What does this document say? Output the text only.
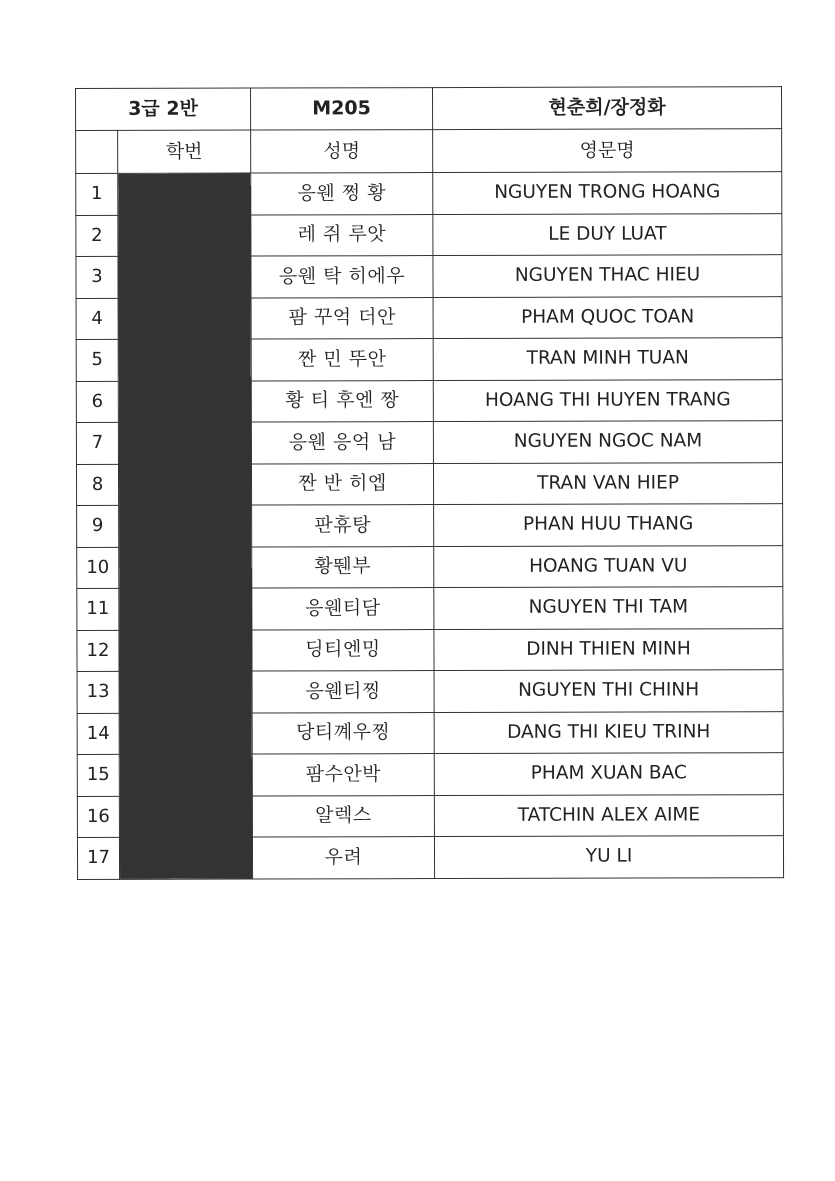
3급 2반		M205	현춘희/장정화
	학번	성명	영문명
1		응웬 쩡 황	NGUYEN TRONG HOANG
2		레 쥐 루앗	LE DUY LUAT
3		응웬 탁 히에우	NGUYEN THAC HIEU
4		팜 꾸억 더안	PHAM QUOC TOAN
5		짠 민 뚜안	TRAN MINH TUAN
6		황 티 후엔 짱	HOANG THI HUYEN TRANG
7		응웬 응억 남	NGUYEN NGOC NAM
8		짠 반 히엡	TRAN VAN HIEP
9		판휴탕	PHAN HUU THANG
10		황뛘부	HOANG TUAN VU
11		응웬티담	NGUYEN THI TAM
12		딩티엔밍	DINH THIEN MINH
13		응웬티찡	NGUYEN THI CHINH
14		당티꼐우찡	DANG THI KIEU TRINH
15		팜수안박	PHAM XUAN BAC
16		알렉스	TATCHIN ALEX AIME
17		우려	YU LI
